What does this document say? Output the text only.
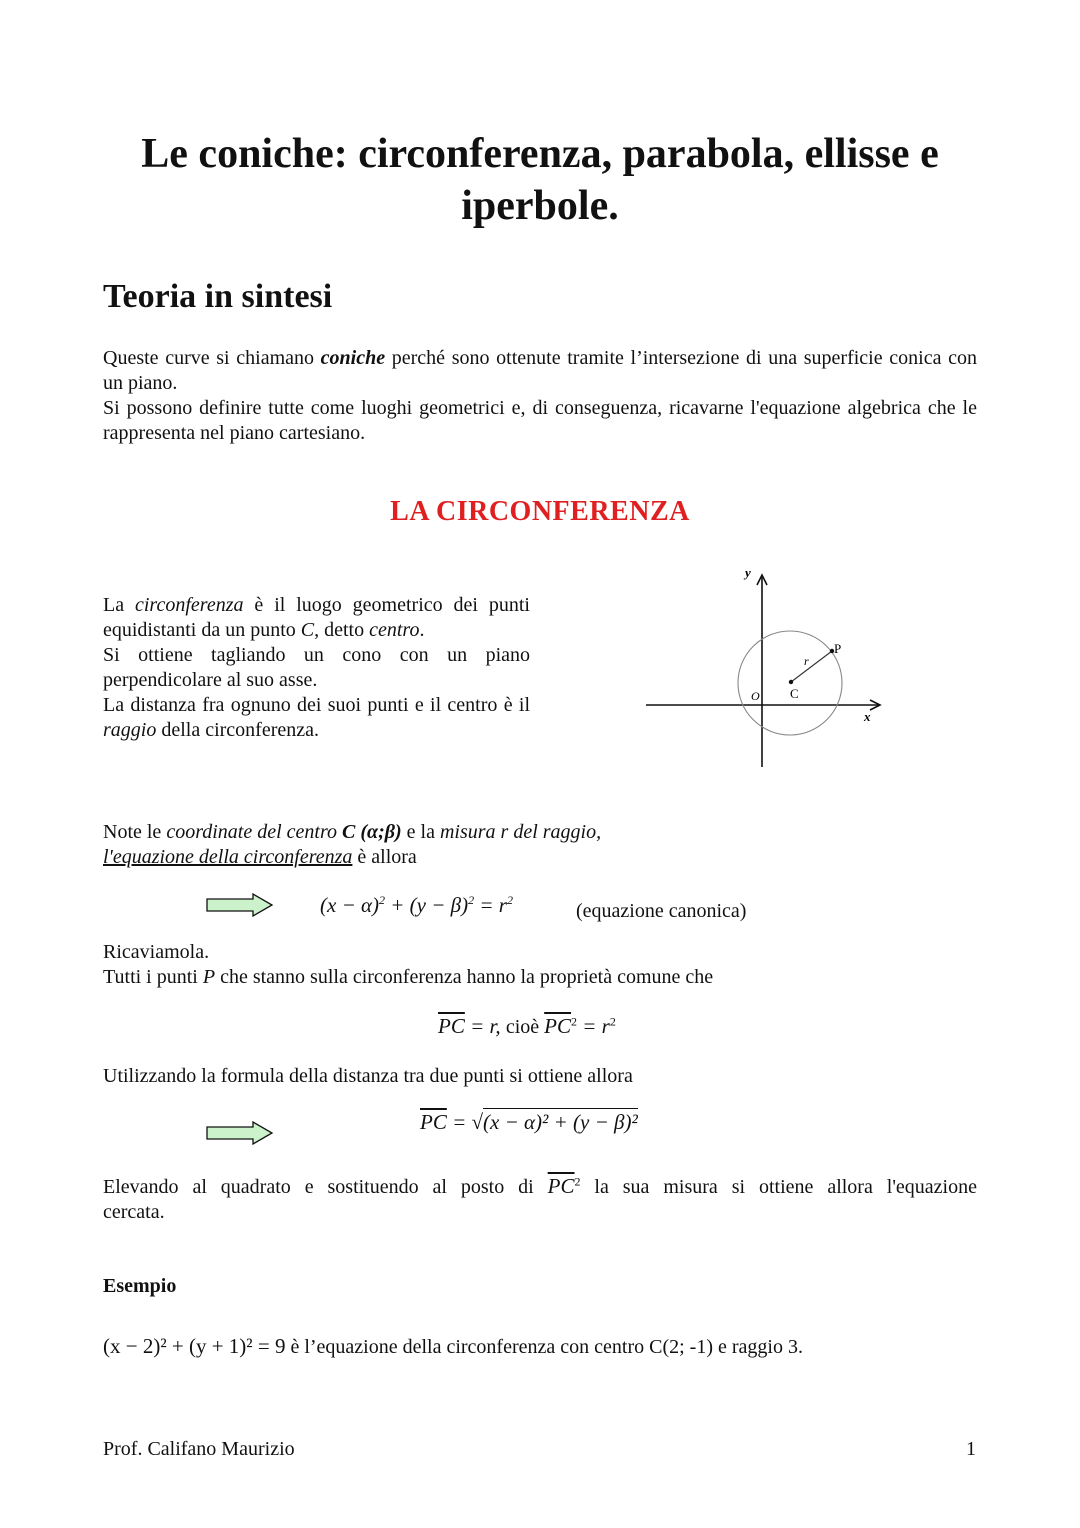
Le coniche: circonferenza, parabola, ellisse e
iperbole.
Teoria in sintesi

Queste curve si chiamano coniche perché sono ottenute tramite l’intersezione di una superficie conica con un piano.

Si possono definire tutte come luoghi geometrici e, di conseguenza, ricavarne l'equazione algebrica che le rappresenta nel piano cartesiano.

LA CIRCONFERENZA

La circonferenza è il luogo geometrico dei punti equidistanti da un punto C, detto centro.
Si ottiene tagliando un cono con un piano perpendicolare al suo asse.
La distanza fra ognuno dei suoi punti e il centro è il raggio della circonferenza.

y
x
O C
r
P

Note le coordinate del centro C (α;β) e la misura r del raggio,
l'equazione della circonferenza è allora

$(x - \alpha)^2 + (y - \beta)^2 = r^2$	(equazione canonica)

Ricaviamola.
Tutti i punti P che stanno sulla circonferenza hanno la proprietà comune che

$\overline{PC} = r$, cioè $\overline{PC}^2 = r^2$

Utilizzando la formula della distanza tra due punti si ottiene allora

$\overline{PC} = √(x - \alpha)^2 + (y - \beta)^2$

Elevando al quadrato e sostituendo al posto di $\overline{PC}^2$ la sua misura si ottiene allora l'equazione
cercata.

Esempio
(x − 2)² + (y + 1)² = 9 è l’equazione della circonferenza con centro C(2; -1) e raggio 3.
Prof. Califano Maurizio	1
